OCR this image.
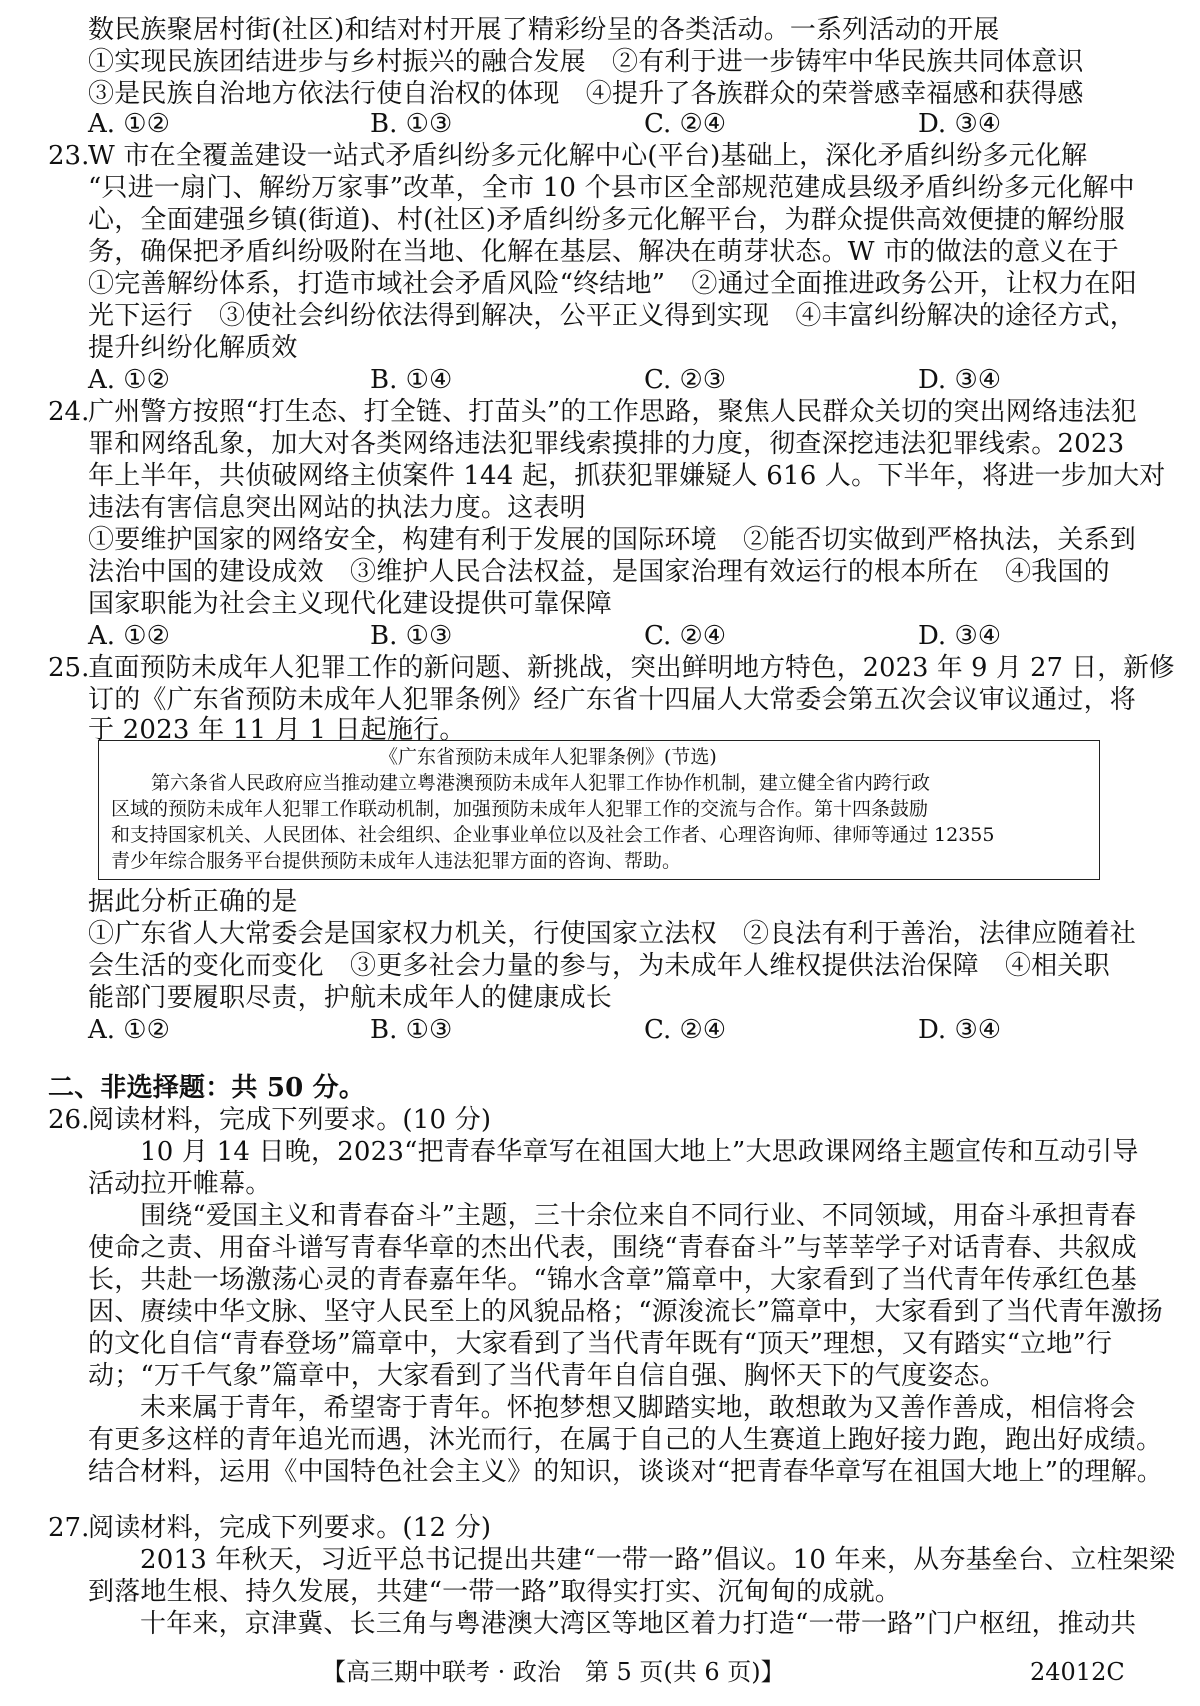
数民族聚居村街(社区)和结对村开展了精彩纷呈的各类活动。一系列活动的开展
①实现民族团结进步与乡村振兴的融合发展　②有利于进一步铸牢中华民族共同体意识
③是民族自治地方依法行使自治权的体现　④提升了各族群众的荣誉感幸福感和获得感
A. ①②	B. ①③	C. ②④	D. ③④
23.
W 市在全覆盖建设一站式矛盾纠纷多元化解中心(平台)基础上，深化矛盾纠纷多元化解
“只进一扇门、解纷万家事”改革，全市 10 个县市区全部规范建成县级矛盾纠纷多元化解中
心，全面建强乡镇(街道)、村(社区)矛盾纠纷多元化解平台，为群众提供高效便捷的解纷服
务，确保把矛盾纠纷吸附在当地、化解在基层、解决在萌芽状态。W 市的做法的意义在于
①完善解纷体系，打造市域社会矛盾风险“终结地”　②通过全面推进政务公开，让权力在阳
光下运行　③使社会纠纷依法得到解决，公平正义得到实现　④丰富纠纷解决的途径方式，
提升纠纷化解质效
A. ①②	B. ①④	C. ②③	D. ③④
24.
广州警方按照“打生态、打全链、打苗头”的工作思路，聚焦人民群众关切的突出网络违法犯
罪和网络乱象，加大对各类网络违法犯罪线索摸排的力度，彻查深挖违法犯罪线索。2023
年上半年，共侦破网络主侦案件 144 起，抓获犯罪嫌疑人 616 人。下半年，将进一步加大对
违法有害信息突出网站的执法力度。这表明
①要维护国家的网络安全，构建有利于发展的国际环境　②能否切实做到严格执法，关系到
法治中国的建设成效　③维护人民合法权益，是国家治理有效运行的根本所在　④我国的
国家职能为社会主义现代化建设提供可靠保障
A. ①②	B. ①③	C. ②④	D. ③④
25.
直面预防未成年人犯罪工作的新问题、新挑战，突出鲜明地方特色，2023 年 9 月 27 日，新修
订的《广东省预防未成年人犯罪条例》经广东省十四届人大常委会第五次会议审议通过，将
于 2023 年 11 月 1 日起施行。
《广东省预防未成年人犯罪条例》(节选)
第六条省人民政府应当推动建立粤港澳预防未成年人犯罪工作协作机制，建立健全省内跨行政
区域的预防未成年人犯罪工作联动机制，加强预防未成年人犯罪工作的交流与合作。第十四条鼓励
和支持国家机关、人民团体、社会组织、企业事业单位以及社会工作者、心理咨询师、律师等通过 12355
青少年综合服务平台提供预防未成年人违法犯罪方面的咨询、帮助。
据此分析正确的是
①广东省人大常委会是国家权力机关，行使国家立法权　②良法有利于善治，法律应随着社
会生活的变化而变化　③更多社会力量的参与，为未成年人维权提供法治保障　④相关职
能部门要履职尽责，护航未成年人的健康成长
A. ①②	B. ①③	C. ②④	D. ③④
二、非选择题：共 50 分。
26.
阅读材料，完成下列要求。(10 分)
10 月 14 日晚，2023“把青春华章写在祖国大地上”大思政课网络主题宣传和互动引导
活动拉开帷幕。
围绕“爱国主义和青春奋斗”主题，三十余位来自不同行业、不同领域，用奋斗承担青春
使命之责、用奋斗谱写青春华章的杰出代表，围绕“青春奋斗”与莘莘学子对话青春、共叙成
长，共赴一场激荡心灵的青春嘉年华。“锦水含章”篇章中，大家看到了当代青年传承红色基
因、赓续中华文脉、坚守人民至上的风貌品格；“源浚流长”篇章中，大家看到了当代青年激扬
的文化自信“青春登场”篇章中，大家看到了当代青年既有“顶天”理想，又有踏实“立地”行
动；“万千气象”篇章中，大家看到了当代青年自信自强、胸怀天下的气度姿态。
未来属于青年，希望寄于青年。怀抱梦想又脚踏实地，敢想敢为又善作善成，相信将会
有更多这样的青年追光而遇，沐光而行，在属于自己的人生赛道上跑好接力跑，跑出好成绩。
结合材料，运用《中国特色社会主义》的知识，谈谈对“把青春华章写在祖国大地上”的理解。
27.
阅读材料，完成下列要求。(12 分)
2013 年秋天，习近平总书记提出共建“一带一路”倡议。10 年来，从夯基垒台、立柱架梁
到落地生根、持久发展，共建“一带一路”取得实打实、沉甸甸的成就。
十年来，京津冀、长三角与粤港澳大湾区等地区着力打造“一带一路”门户枢纽，推动共
【高三期中联考 · 政治　第 5 页(共 6 页)】	24012C
